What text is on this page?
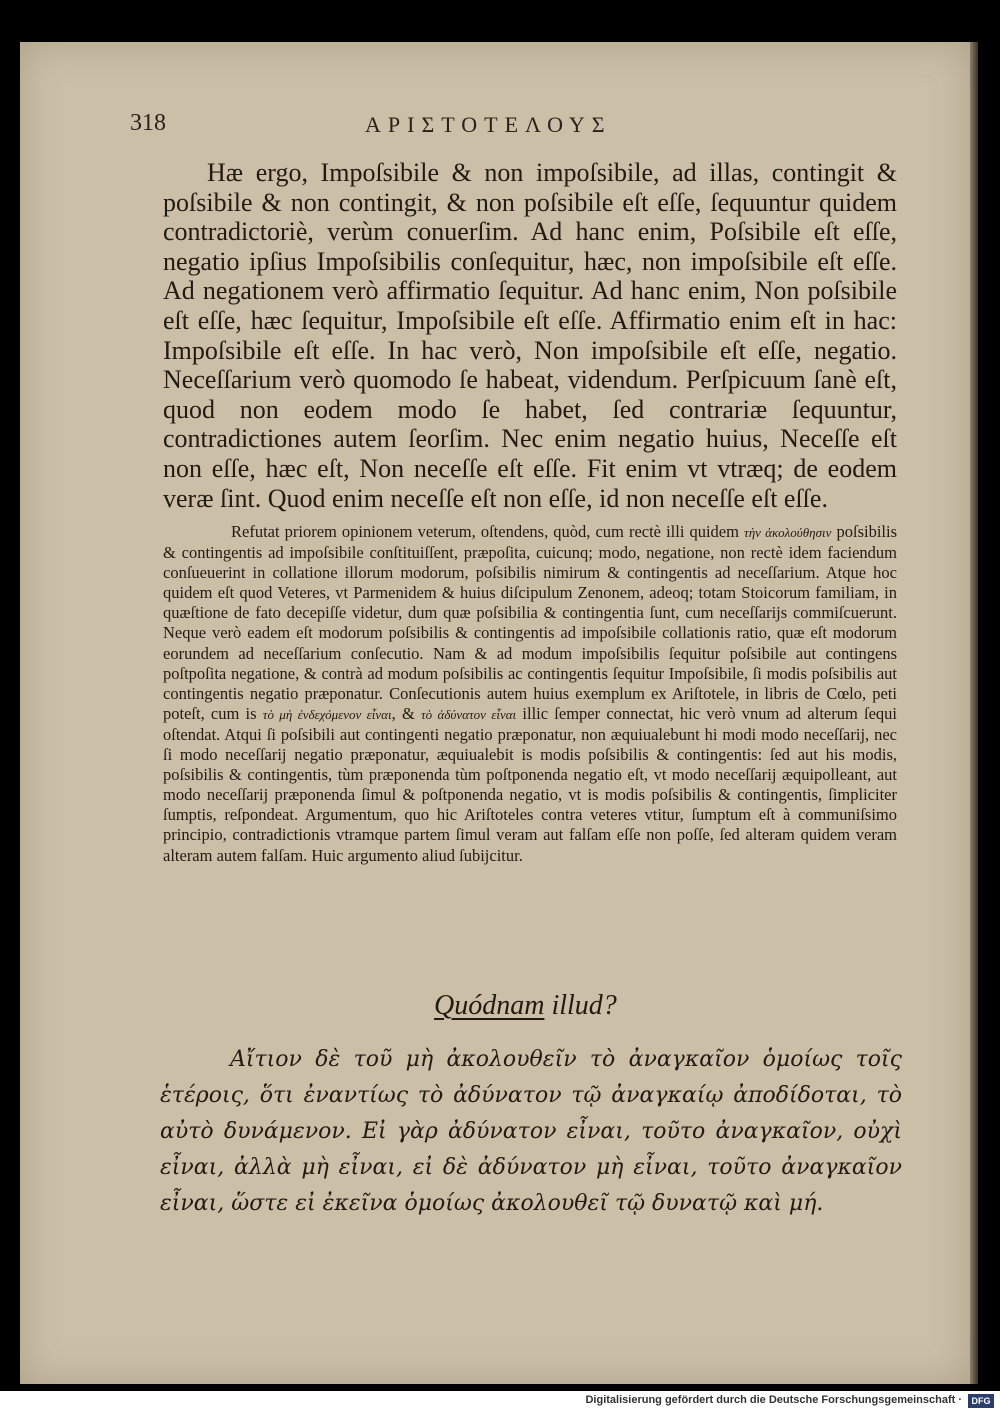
318	ΑΡΙΣΤΟΤΕΛΟΥΣ

Hæ ergo, Impoſsibile & non impoſsibile, ad illas, contingit & poſsibile & non contingit, & non poſsibile eſt eſſe, ſequuntur quidem contradictoriè, verùm conuerſim. Ad hanc enim, Poſsibile eſt eſſe, negatio ipſius Impoſsibilis conſequitur, hæc, non impoſsibile eſt eſſe. Ad negationem verò affirmatio ſequitur. Ad hanc enim, Non poſsibile eſt eſſe, hæc ſequitur, Impoſsibile eſt eſſe. Affirmatio enim eſt in hac: Impoſsibile eſt eſſe. In hac verò, Non impoſsibile eſt eſſe, negatio. Neceſſarium verò quomodo ſe habeat, videndum. Perſpicuum ſanè eſt, quod non eodem modo ſe habet, ſed contrariæ ſequuntur, contradictiones autem ſeorſim. Nec enim negatio huius, Neceſſe eſt non eſſe, hæc eſt, Non neceſſe eſt eſſe. Fit enim vt vtræq; de eodem veræ ſint. Quod enim neceſſe eſt non eſſe, id non neceſſe eſt eſſe.

Refutat priorem opinionem veterum, oſtendens, quòd, cum rectè illi quidem τὴν ἀκολούθησιν poſsibilis & contingentis ad impoſsibile conſtituiſſent, præpoſita, cuicunq; modo, negatione, non rectè idem faciendum conſueuerint in collatione illorum modorum, poſsibilis nimirum & contingentis ad neceſſarium. Atque hoc quidem eſt quod Veteres, vt Parmenidem & huius diſcipulum Zenonem, adeoq; totam Stoicorum familiam, in quæſtione de fato decepiſſe videtur, dum quæ poſsibilia & contingentia ſunt, cum neceſſarijs commiſcuerunt. Neque verò eadem eſt modorum poſsibilis & contingentis ad impoſsibile collationis ratio, quæ eſt modorum eorundem ad neceſſarium conſecutio. Nam & ad modum impoſsibilis ſequitur poſsibile aut contingens poſtpoſita negatione, & contrà ad modum poſsibilis ac contingentis ſequitur Impoſsibile, ſi modis poſsibilis aut contingentis negatio præponatur. Conſecutionis autem huius exemplum ex Ariſtotele, in libris de Cœlo, peti poteſt, cum is τὸ μὴ ἐνδεχόμενον εἶναι, & τὸ ἀδύνατον εἶναι illic ſemper connectat, hic verò vnum ad alterum ſequi oſtendat. Atqui ſi poſsibili aut contingenti negatio præponatur, non æquiualebunt hi modi modo neceſſarij, nec ſi modo neceſſarij negatio præponatur, æquiualebit is modis poſsibilis & contingentis: ſed aut his modis, poſsibilis & contingentis, tùm præponenda tùm poſtponenda negatio eſt, vt modo neceſſarij æquipolleant, aut modo neceſſarij præponenda ſimul & poſtponenda negatio, vt is modis poſsibilis & contingentis, ſimpliciter ſumptis, reſpondeat. Argumentum, quo hic Ariſtoteles contra veteres vtitur, ſumptum eſt à communiſsimo principio, contradictionis vtramque partem ſimul veram aut falſam eſſe non poſſe, ſed alteram quidem veram alteram autem falſam. Huic argumento aliud ſubijcitur.

Quódnam illud?

Αἴτιον δὲ τοῦ μὴ ἀκολουθεῖν τὸ ἀναγκαῖον ὁμοίως τοῖς ἑτέροις, ὅτι ἐναντίως τὸ ἀδύνατον τῷ ἀναγκαίῳ ἀποδίδοται, τὸ αὐτὸ δυνάμενον. Εἰ γὰρ ἀδύνατον εἶναι, τοῦτο ἀναγκαῖον, οὐχὶ εἶναι, ἀλλὰ μὴ εἶναι, εἰ δὲ ἀδύνατον μὴ εἶναι, τοῦτο ἀναγκαῖον εἶναι, ὥστε εἰ ἐκεῖνα ὁμοίως ἀκολουθεῖ τῷ δυνατῷ καὶ μή.

Digitalisierung gefördert durch die Deutsche Forschungsgemeinschaft ·	DFG
